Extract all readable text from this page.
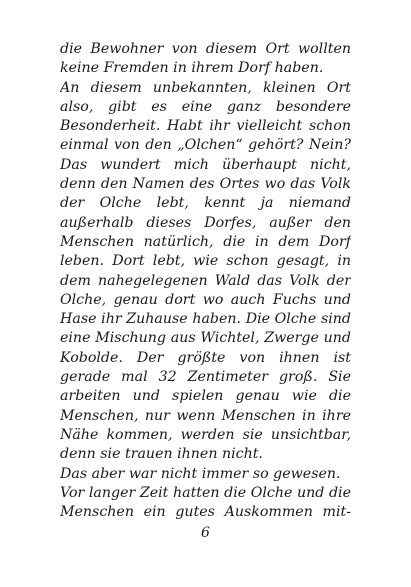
die Bewohner von diesem Ort wollten
keine Fremden in ihrem Dorf haben.
An diesem unbekannten, kleinen Ort
also, gibt es eine ganz besondere
Besonderheit. Habt ihr vielleicht schon
einmal von den „Olchen“ gehört? Nein?
Das wundert mich überhaupt nicht,
denn den Namen des Ortes wo das Volk
der Olche lebt, kennt ja niemand
außerhalb dieses Dorfes, außer den
Menschen natürlich, die in dem Dorf
leben. Dort lebt, wie schon gesagt, in
dem nahegelegenen Wald das Volk der
Olche, genau dort wo auch Fuchs und
Hase ihr Zuhause haben. Die Olche sind
eine Mischung aus Wichtel, Zwerge und
Kobolde. Der größte von ihnen ist
gerade mal 32 Zentimeter groß. Sie
arbeiten und spielen genau wie die
Menschen, nur wenn Menschen in ihre
Nähe kommen, werden sie unsichtbar,
denn sie trauen ihnen nicht.
Das aber war nicht immer so gewesen.
Vor langer Zeit hatten die Olche und die
Menschen ein gutes Auskommen mit-
6
